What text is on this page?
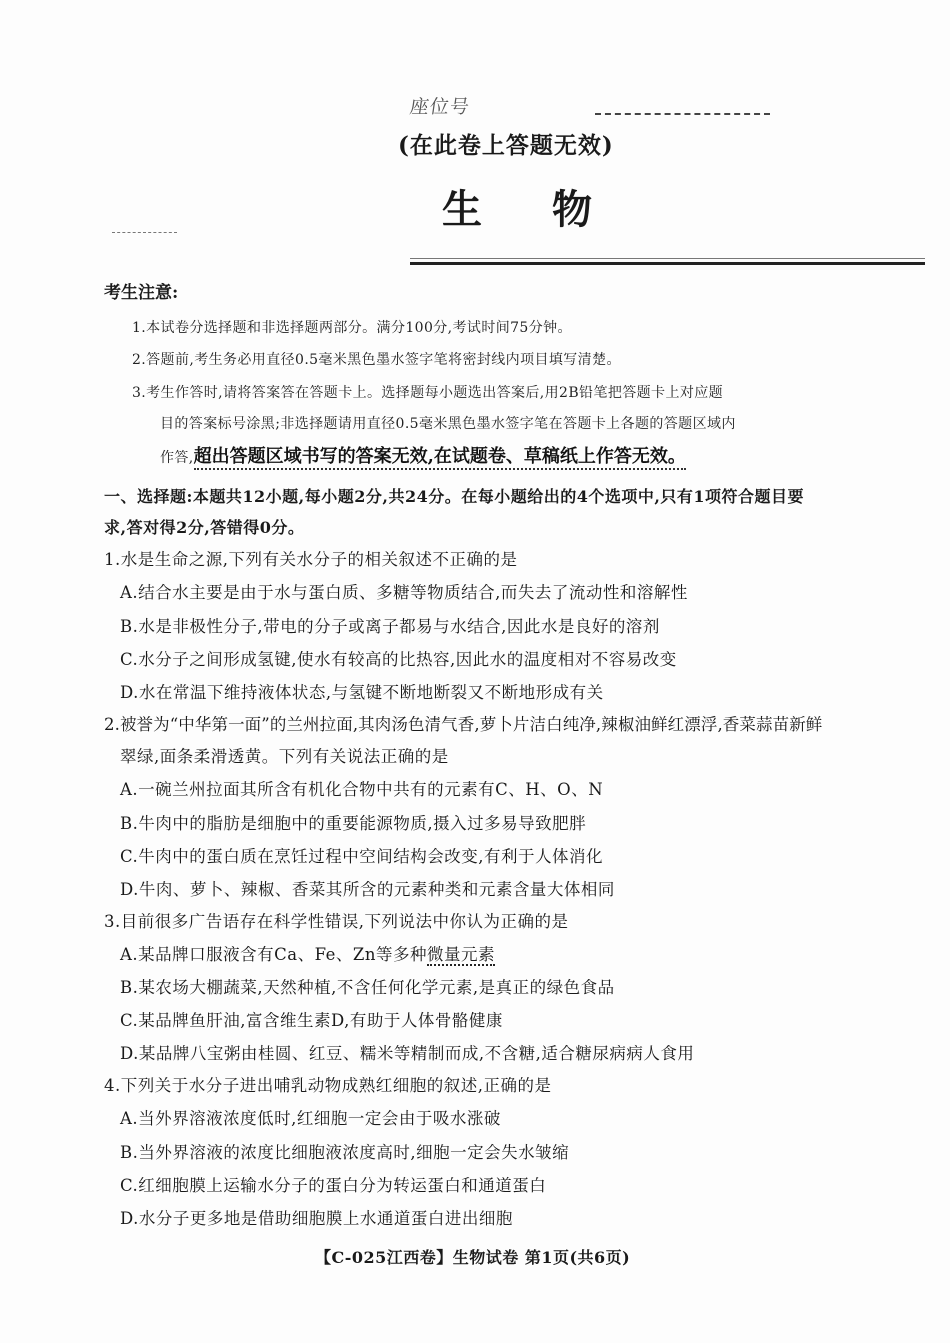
座位号
(在此卷上答题无效)
生物
考生注意:
1.本试卷分选择题和非选择题两部分。满分100分,考试时间75分钟。
2.答题前,考生务必用直径0.5毫米黑色墨水签字笔将密封线内项目填写清楚。
3.考生作答时,请将答案答在答题卡上。选择题每小题选出答案后,用2B铅笔把答题卡上对应题
目的答案标号涂黑;非选择题请用直径0.5毫米黑色墨水签字笔在答题卡上各题的答题区域内
作答,超出答题区域书写的答案无效,在试题卷、草稿纸上作答无效。
一、选择题:本题共12小题,每小题2分,共24分。在每小题给出的4个选项中,只有1项符合题目要
求,答对得2分,答错得0分。
1.水是生命之源,下列有关水分子的相关叙述不正确的是
A.结合水主要是由于水与蛋白质、多糖等物质结合,而失去了流动性和溶解性
B.水是非极性分子,带电的分子或离子都易与水结合,因此水是良好的溶剂
C.水分子之间形成氢键,使水有较高的比热容,因此水的温度相对不容易改变
D.水在常温下维持液体状态,与氢键不断地断裂又不断地形成有关
2.被誉为“中华第一面”的兰州拉面,其肉汤色清气香,萝卜片洁白纯净,辣椒油鲜红漂浮,香菜蒜苗新鲜
翠绿,面条柔滑透黄。下列有关说法正确的是
A.一碗兰州拉面其所含有机化合物中共有的元素有C、H、O、N
B.牛肉中的脂肪是细胞中的重要能源物质,摄入过多易导致肥胖
C.牛肉中的蛋白质在烹饪过程中空间结构会改变,有利于人体消化
D.牛肉、萝卜、辣椒、香菜其所含的元素种类和元素含量大体相同
3.目前很多广告语存在科学性错误,下列说法中你认为正确的是
A.某品牌口服液含有Ca、Fe、Zn等多种微量元素
B.某农场大棚蔬菜,天然种植,不含任何化学元素,是真正的绿色食品
C.某品牌鱼肝油,富含维生素D,有助于人体骨骼健康
D.某品牌八宝粥由桂圆、红豆、糯米等精制而成,不含糖,适合糖尿病病人食用
4.下列关于水分子进出哺乳动物成熟红细胞的叙述,正确的是
A.当外界溶液浓度低时,红细胞一定会由于吸水涨破
B.当外界溶液的浓度比细胞液浓度高时,细胞一定会失水皱缩
C.红细胞膜上运输水分子的蛋白分为转运蛋白和通道蛋白
D.水分子更多地是借助细胞膜上水通道蛋白进出细胞
【C-025江西卷】生物试卷 第1页(共6页)
